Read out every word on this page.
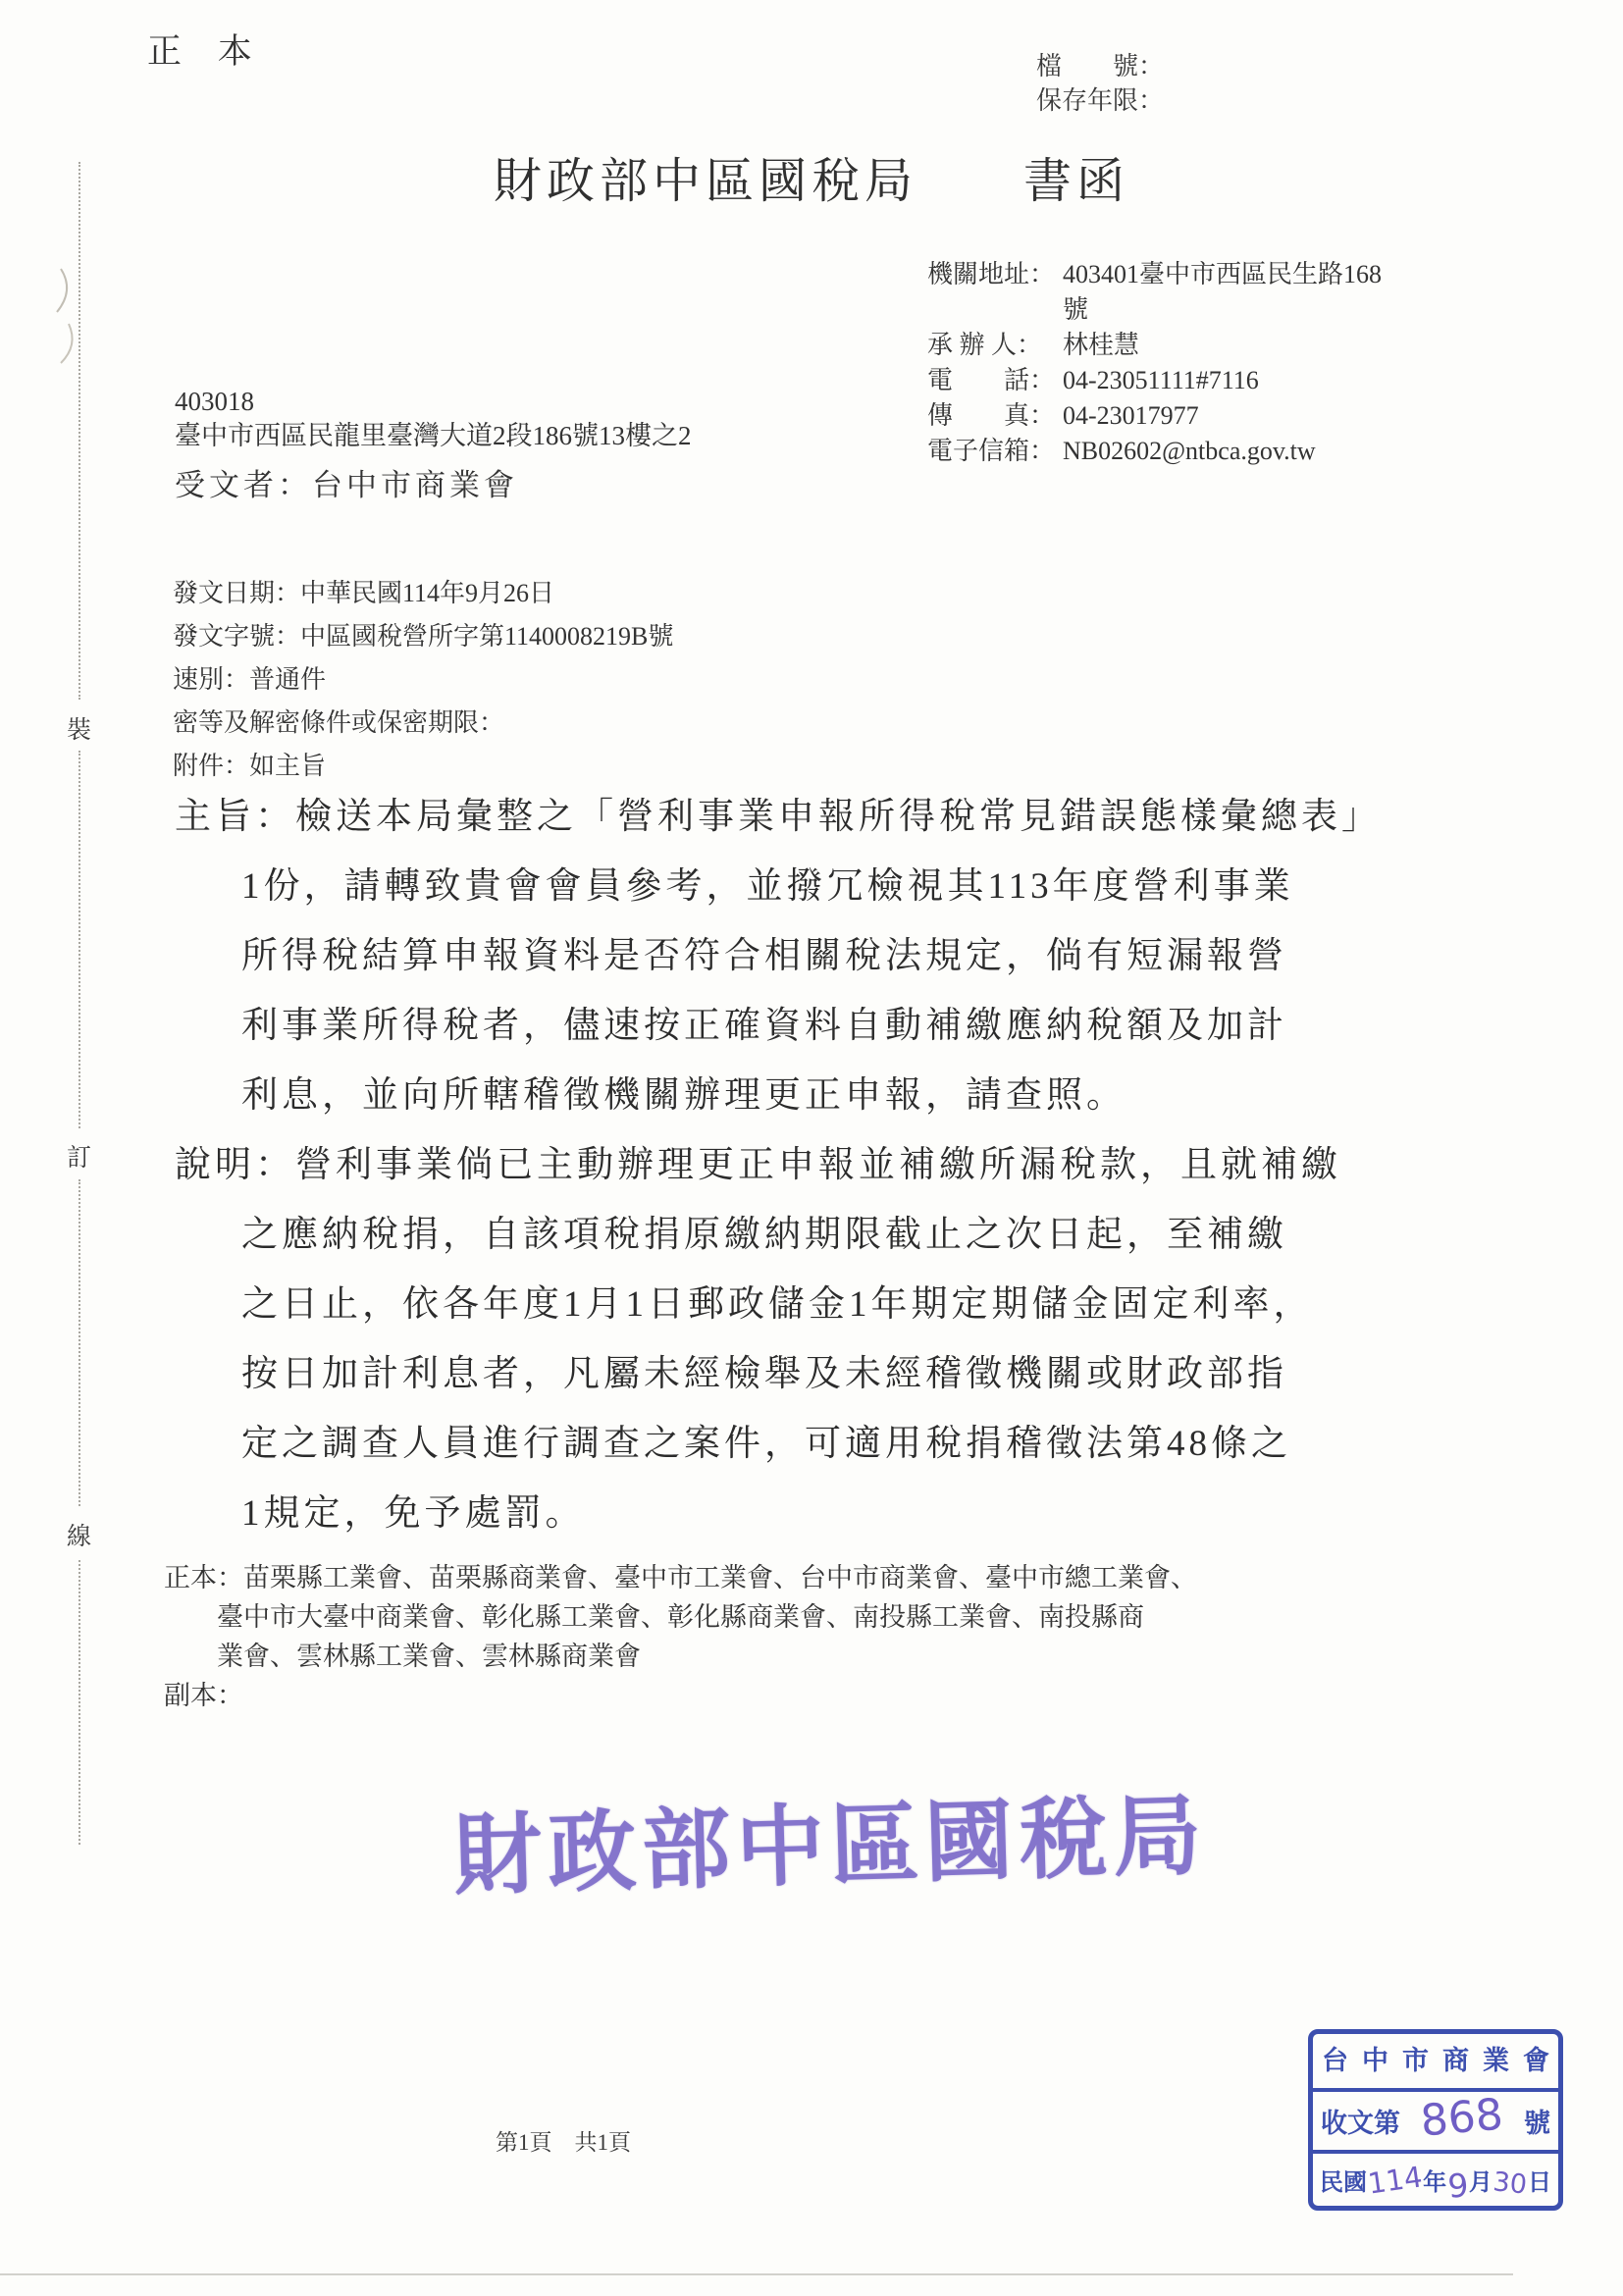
正 本	檔　　號：
保存年限：
財政部中區國稅局　　書函
機關地址： 403401臺中市西區民生路168
號
承 辦 人： 林桂慧
電　　話： 04-23051111#7116
傳　　真： 04-23017977
電子信箱： NB02602@ntbca.gov.tw
403018
臺中市西區民龍里臺灣大道2段186號13樓之2
受文者：台中市商業會
發文日期：中華民國114年9月26日
發文字號：中區國稅營所字第1140008219B號
速別：普通件
密等及解密條件或保密期限：
附件：如主旨
主旨：檢送本局彙整之「營利事業申報所得稅常見錯誤態樣彙總表」
1份，請轉致貴會會員參考，並撥冗檢視其113年度營利事業
所得稅結算申報資料是否符合相關稅法規定，倘有短漏報營
利事業所得稅者，儘速按正確資料自動補繳應納稅額及加計
利息，並向所轄稽徵機關辦理更正申報，請查照。
說明：營利事業倘已主動辦理更正申報並補繳所漏稅款，且就補繳
之應納稅捐，自該項稅捐原繳納期限截止之次日起，至補繳
之日止，依各年度1月1日郵政儲金1年期定期儲金固定利率，
按日加計利息者，凡屬未經檢舉及未經稽徵機關或財政部指
定之調查人員進行調查之案件，可適用稅捐稽徵法第48條之
1規定，免予處罰。
正本：苗栗縣工業會、苗栗縣商業會、臺中市工業會、台中市商業會、臺中市總工業會、
臺中市大臺中商業會、彰化縣工業會、彰化縣商業會、南投縣工業會、南投縣商
業會、雲林縣工業會、雲林縣商業會
副本：
財政部中區國稅局
台中市商業會
收文第 868 號
民國
114
年 9 月
30 日
第1頁　共1頁
裝
訂
線
